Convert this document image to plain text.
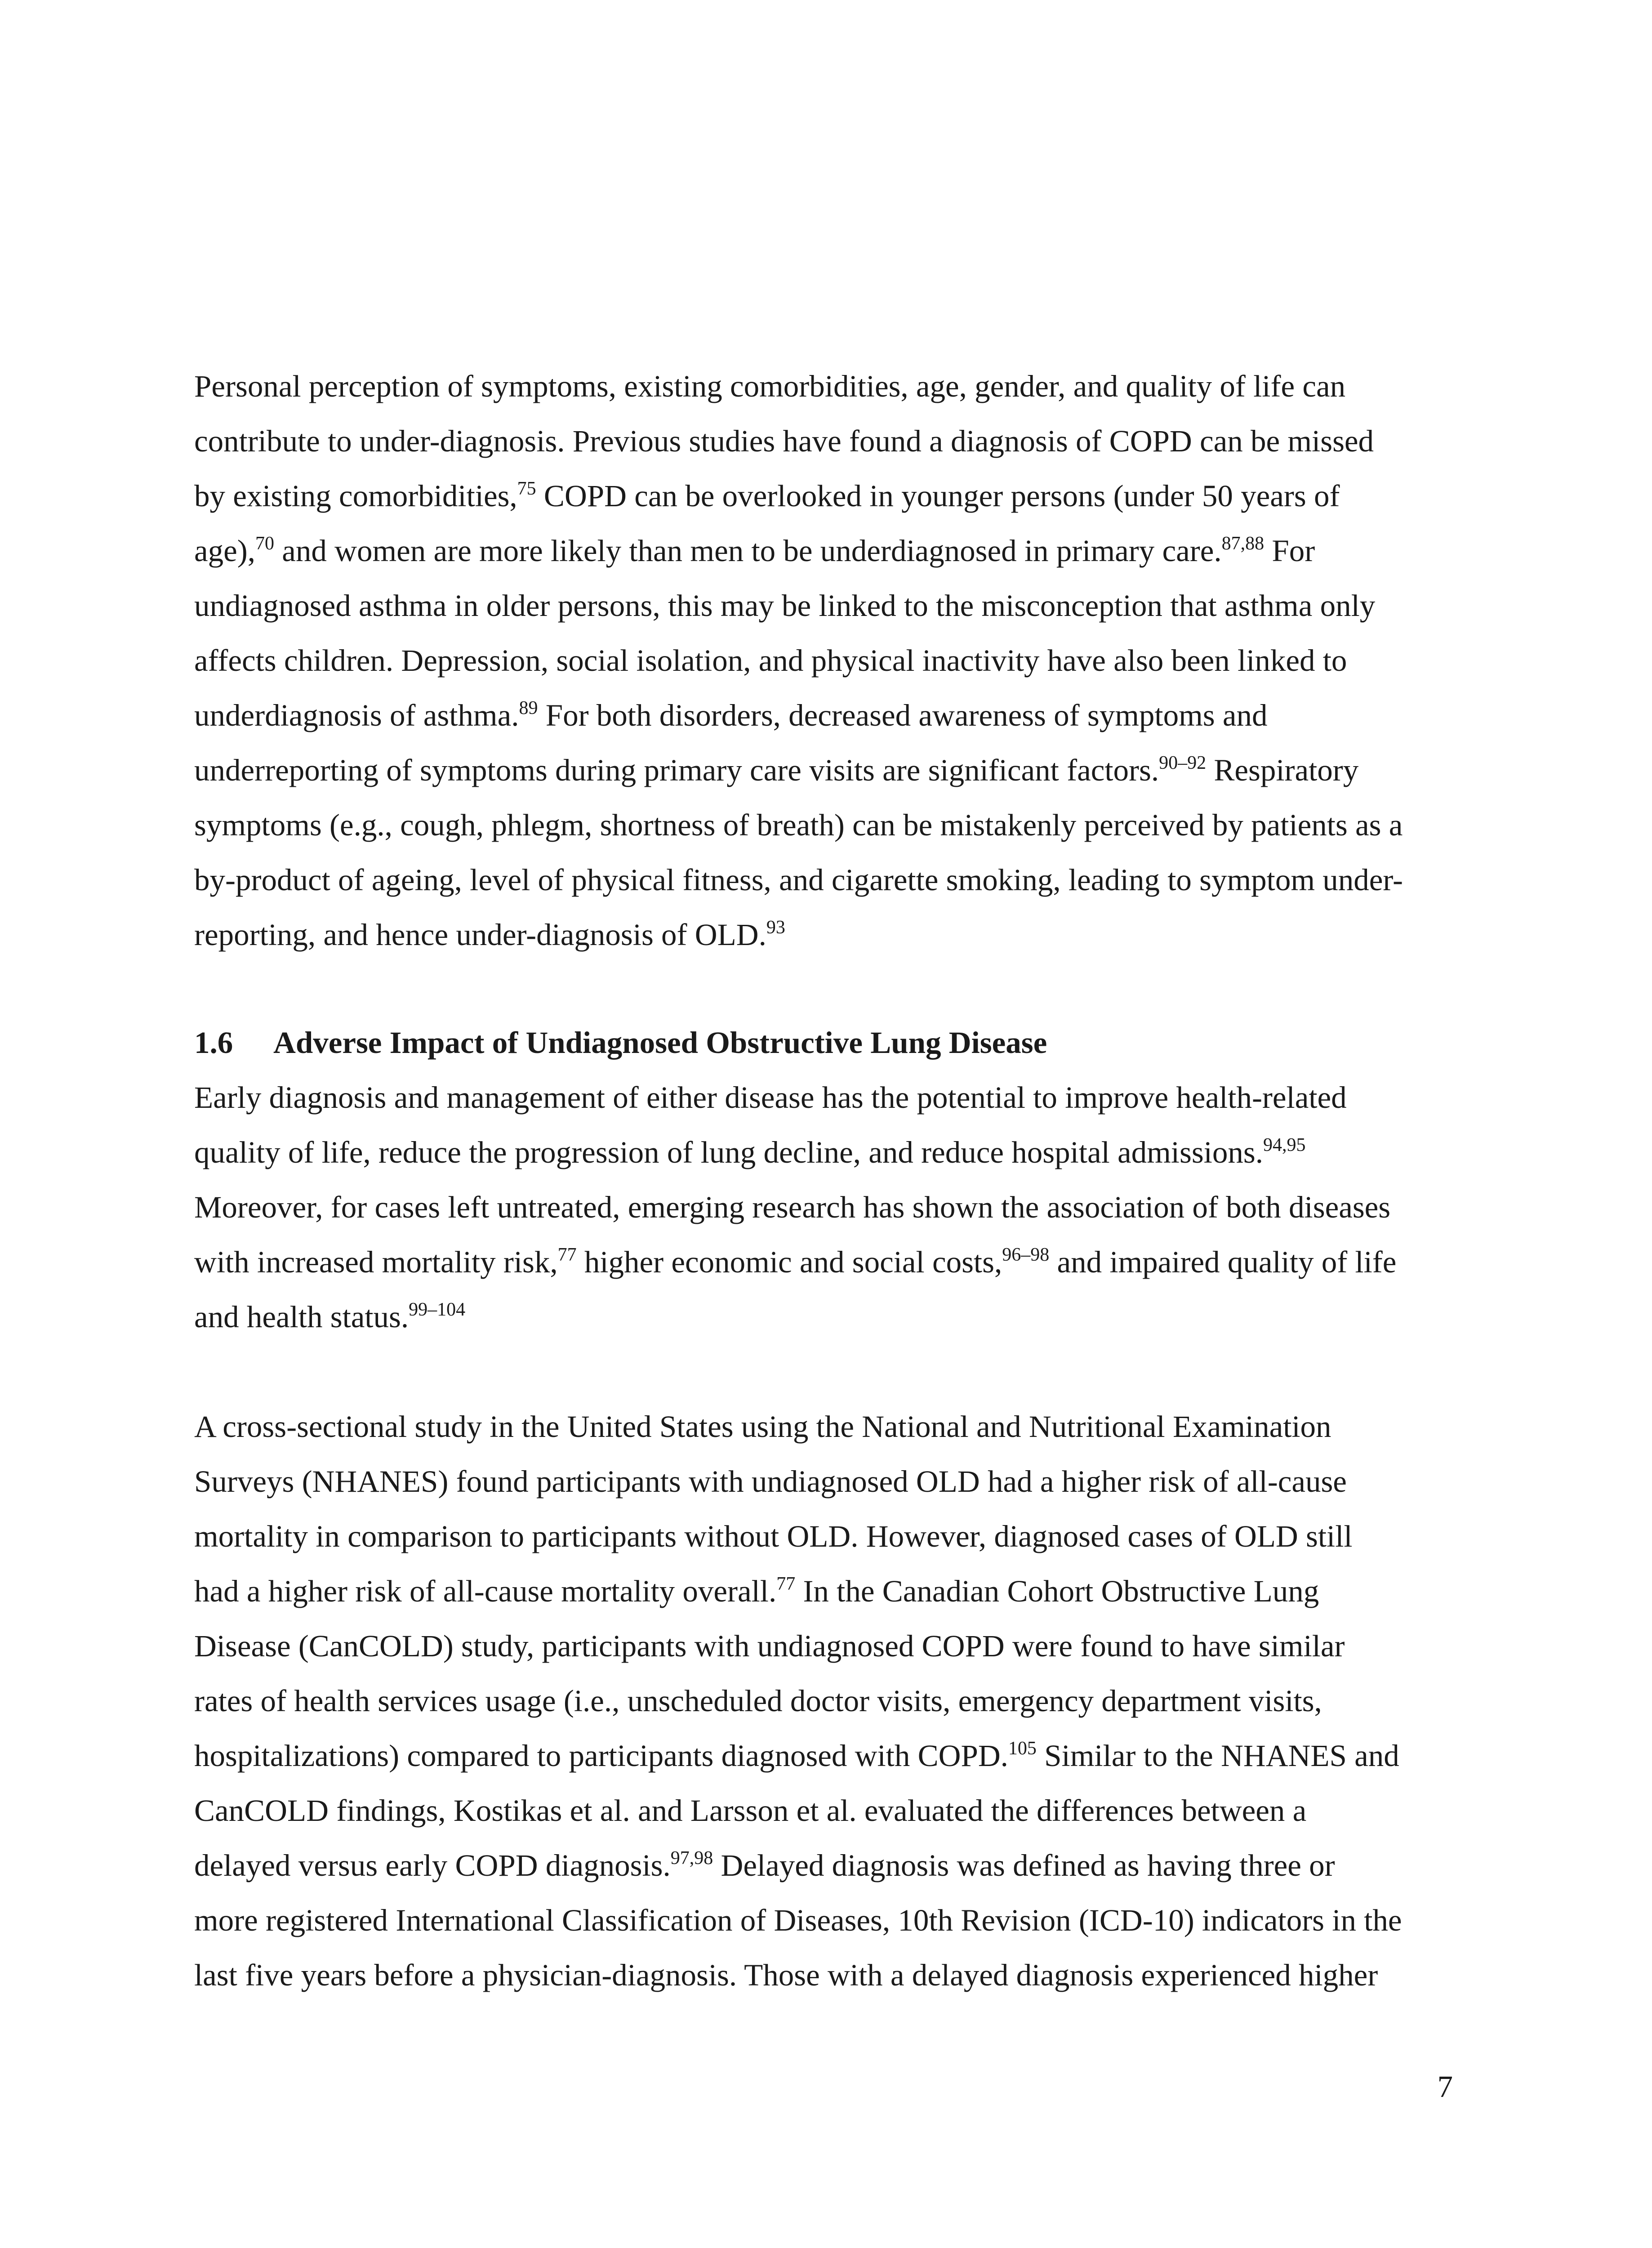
Personal perception of symptoms, existing comorbidities, age, gender, and quality of life can
contribute to under-diagnosis. Previous studies have found a diagnosis of COPD can be missed
by existing comorbidities,$^{75}$ COPD can be overlooked in younger persons (under 50 years of
age),$^{70}$ and women are more likely than men to be underdiagnosed in primary care.$^{87,88}$ For
undiagnosed asthma in older persons, this may be linked to the misconception that asthma only
affects children. Depression, social isolation, and physical inactivity have also been linked to
underdiagnosis of asthma.$^{89}$ For both disorders, decreased awareness of symptoms and
underreporting of symptoms during primary care visits are significant factors.$^{90-92}$ Respiratory
symptoms (e.g., cough, phlegm, shortness of breath) can be mistakenly perceived by patients as a
by-product of ageing, level of physical fitness, and cigarette smoking, leading to symptom under-
reporting, and hence under-diagnosis of OLD.$^{93}$

1.6 Adverse Impact of Undiagnosed Obstructive Lung Disease

Early diagnosis and management of either disease has the potential to improve health-related
quality of life, reduce the progression of lung decline, and reduce hospital admissions.$^{94,95}$
Moreover, for cases left untreated, emerging research has shown the association of both diseases
with increased mortality risk,$^{77}$ higher economic and social costs,$^{96-98}$ and impaired quality of life
and health status.$^{99-104}$

A cross-sectional study in the United States using the National and Nutritional Examination
Surveys (NHANES) found participants with undiagnosed OLD had a higher risk of all-cause
mortality in comparison to participants without OLD. However, diagnosed cases of OLD still
had a higher risk of all-cause mortality overall.$^{77}$ In the Canadian Cohort Obstructive Lung
Disease (CanCOLD) study, participants with undiagnosed COPD were found to have similar
rates of health services usage (i.e., unscheduled doctor visits, emergency department visits,
hospitalizations) compared to participants diagnosed with COPD.$^{105}$ Similar to the NHANES and
CanCOLD findings, Kostikas et al. and Larsson et al. evaluated the differences between a
delayed versus early COPD diagnosis.$^{97,98}$ Delayed diagnosis was defined as having three or
more registered International Classification of Diseases, 10th Revision (ICD-10) indicators in the
last five years before a physician-diagnosis. Those with a delayed diagnosis experienced higher

7
